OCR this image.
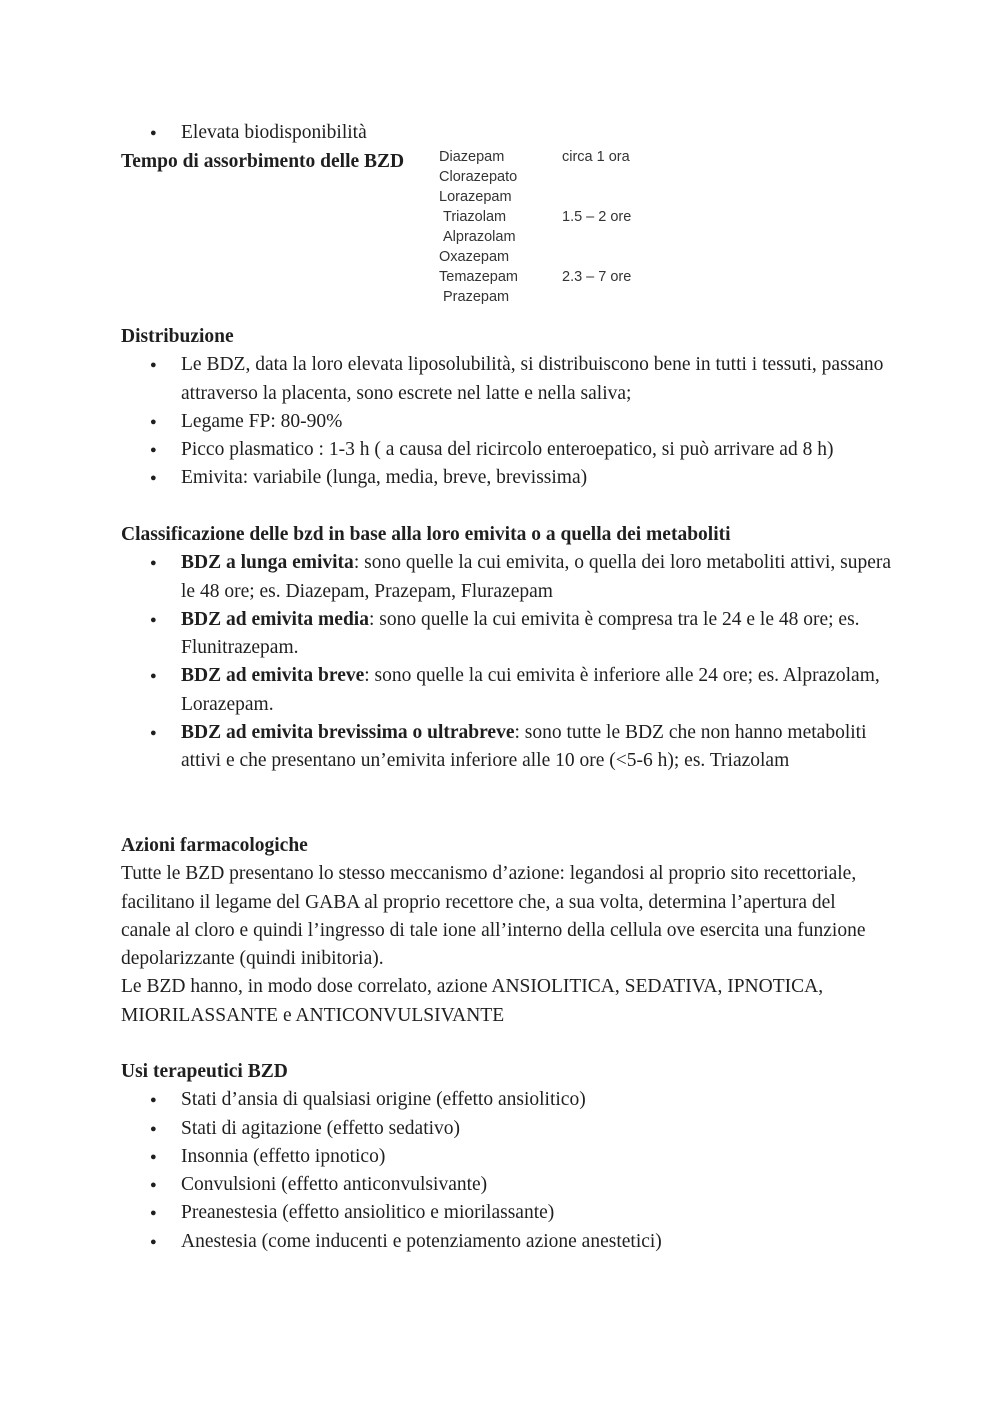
● Elevata biodisponibilità
Tempo di assorbimento delle BZD Diazepam
Clorazepato
Lorazepam
Triazolam
Alprazolam
Oxazepam
Temazepam
Prazepam
circa 1 ora
1.5 – 2 ore
2.3 – 7 ore
Distribuzione
● Le BDZ, data la loro elevata liposolubilità, si distribuiscono bene in tutti i tessuti, passano attraverso la placenta, sono escrete nel latte e nella saliva;
● Legame FP: 80-90%
● Picco plasmatico : 1-3 h ( a causa del ricircolo enteroepatico, si può arrivare ad 8 h)
● Emivita: variabile (lunga, media, breve, brevissima)
Classificazione delle bzd in base alla loro emivita o a quella dei metaboliti
● BDZ a lunga emivita: sono quelle la cui emivita, o quella dei loro metaboliti attivi, supera le 48 ore; es. Diazepam, Prazepam, Flurazepam
● BDZ ad emivita media: sono quelle la cui emivita è compresa tra le 24 e le 48 ore; es. Flunitrazepam.
● BDZ ad emivita breve: sono quelle la cui emivita è inferiore alle 24 ore; es. Alprazolam, Lorazepam.
● BDZ ad emivita brevissima o ultrabreve: sono tutte le BDZ che non hanno metaboliti attivi e che presentano un’emivita inferiore alle 10 ore (<5-6 h); es. Triazolam
Azioni farmacologiche
Tutte le BZD presentano lo stesso meccanismo d’azione: legandosi al proprio sito recettoriale, facilitano il legame del GABA al proprio recettore che, a sua volta, determina l’apertura del canale al cloro e quindi l’ingresso di tale ione all’interno della cellula ove esercita una funzione depolarizzante (quindi inibitoria).
Le BZD hanno, in modo dose correlato, azione ANSIOLITICA, SEDATIVA, IPNOTICA, MIORILASSANTE e ANTICONVULSIVANTE
Usi terapeutici BZD
● Stati d’ansia di qualsiasi origine (effetto ansiolitico)
● Stati di agitazione (effetto sedativo)
● Insonnia (effetto ipnotico)
● Convulsioni (effetto anticonvulsivante)
● Preanestesia (effetto ansiolitico e miorilassante)
● Anestesia (come inducenti e potenziamento azione anestetici)
